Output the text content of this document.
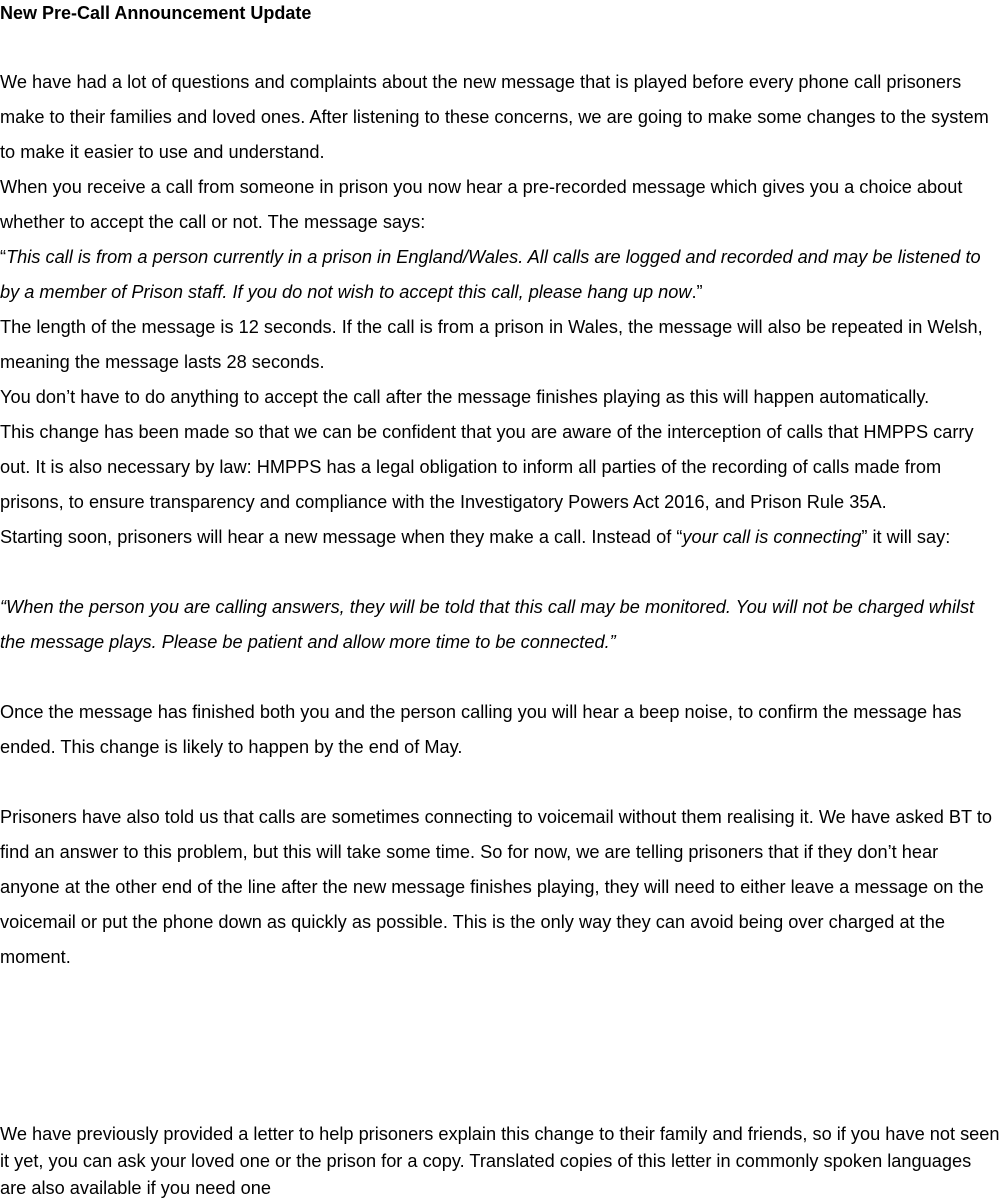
New Pre-Call Announcement Update

We have had a lot of questions and complaints about the new message that is played before every phone call prisoners make to their families and loved ones. After listening to these concerns, we are going to make some changes to the system to make it easier to use and understand.

When you receive a call from someone in prison you now hear a pre-recorded message which gives you a choice about whether to accept the call or not. The message says:

“This call is from a person currently in a prison in England/Wales. All calls are logged and recorded and may be listened to by a member of Prison staff. If you do not wish to accept this call, please hang up now.”

The length of the message is 12 seconds. If the call is from a prison in Wales, the message will also be repeated in Welsh, meaning the message lasts 28 seconds.

You don’t have to do anything to accept the call after the message finishes playing as this will happen automatically.

This change has been made so that we can be confident that you are aware of the interception of calls that HMPPS carry out. It is also necessary by law: HMPPS has a legal obligation to inform all parties of the recording of calls made from prisons, to ensure transparency and compliance with the Investigatory Powers Act 2016, and Prison Rule 35A.

Starting soon, prisoners will hear a new message when they make a call. Instead of “your call is connecting” it will say:

“When the person you are calling answers, they will be told that this call may be monitored. You will not be charged whilst the message plays. Please be patient and allow more time to be connected.”

Once the message has finished both you and the person calling you will hear a beep noise, to confirm the message has ended. This change is likely to happen by the end of May.

Prisoners have also told us that calls are sometimes connecting to voicemail without them realising it. We have asked BT to find an answer to this problem, but this will take some time. So for now, we are telling prisoners that if they don’t hear anyone at the other end of the line after the new message finishes playing, they will need to either leave a message on the voicemail or put the phone down as quickly as possible. This is the only way they can avoid being over charged at the moment.

We have previously provided a letter to help prisoners explain this change to their family and friends, so if you have not seen it yet, you can ask your loved one or the prison for a copy. Translated copies of this letter in commonly spoken languages are also available if you need one
